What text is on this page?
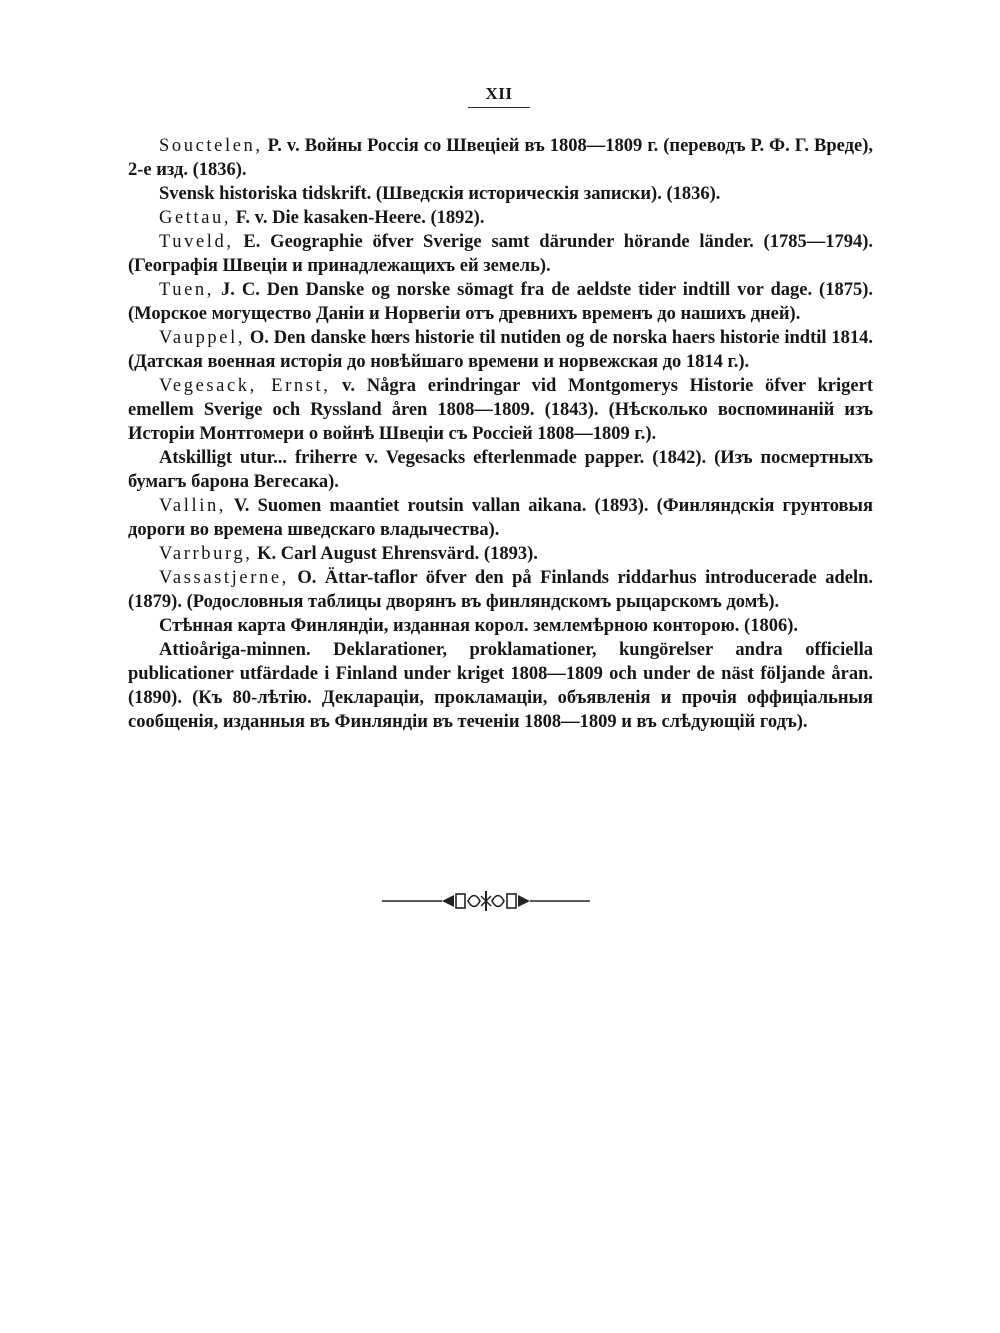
XII

Souctelen, P. v. Войны Россія со Швеціей въ 1808—1809 г. (переводъ Р. Ф. Г. Вреде), 2-е изд. (1836).

Svensk historiska tidskrift. (Шведскія историческія записки). (1836).

Gettau, F. v. Die kasaken-Heere. (1892).

Tuveld, E. Geographie öfver Sverige samt därunder hörande länder. (1785—1794). (Географія Швеціи и принадлежащихъ ей земель).

Tuen, J. C. Den Danske og norske sömagt fra de aeldste tider indtill vor dage. (1875). (Морское могущество Даніи и Норвегіи отъ древнихъ временъ до нашихъ дней).

Vauppel, O. Den danske hœrs historie til nutiden og de norska haers historie indtil 1814. (Датская военная исторія до новѣйшаго времени и норвежская до 1814 г.).

Vegesack, Ernst, v. Några erindringar vid Montgomerys Historie öfver krigert emellem Sverige och Ryssland åren 1808—1809. (1843). (Нѣсколько воспоминаній изъ Исторіи Монтгомери о войнѣ Швеціи съ Россіей 1808—1809 г.).

Atskilligt utur... friherre v. Vegesacks efterlenmade papper. (1842). (Изъ посмертныхъ бумагъ барона Вегесака).

Vallin, V. Suomen maantiet routsin vallan aikana. (1893). (Финляндскія грунтовыя дороги во времена шведскаго владычества).

Varrburg, K. Carl August Ehrensvärd. (1893).

Vassastjerne, O. Ättar-taflor öfver den på Finlands riddarhus introducerade adeln. (1879). (Родословныя таблицы дворянъ въ финляндскомъ рыцарскомъ домѣ).

Стѣнная карта Финляндіи, изданная корол. землемѣрною конторою. (1806).

Attioåriga-minnen. Deklarationer, proklamationer, kungörelser andra officiella publicationer utfärdade i Finland under kriget 1808—1809 och under de näst följande åran. (1890). (Къ 80-лѣтію. Деклараціи, прокламаціи, объявленія и прочія оффиціальныя сообщенія, изданныя въ Финляндіи въ теченіи 1808—1809 и въ слѣдующій годъ).
